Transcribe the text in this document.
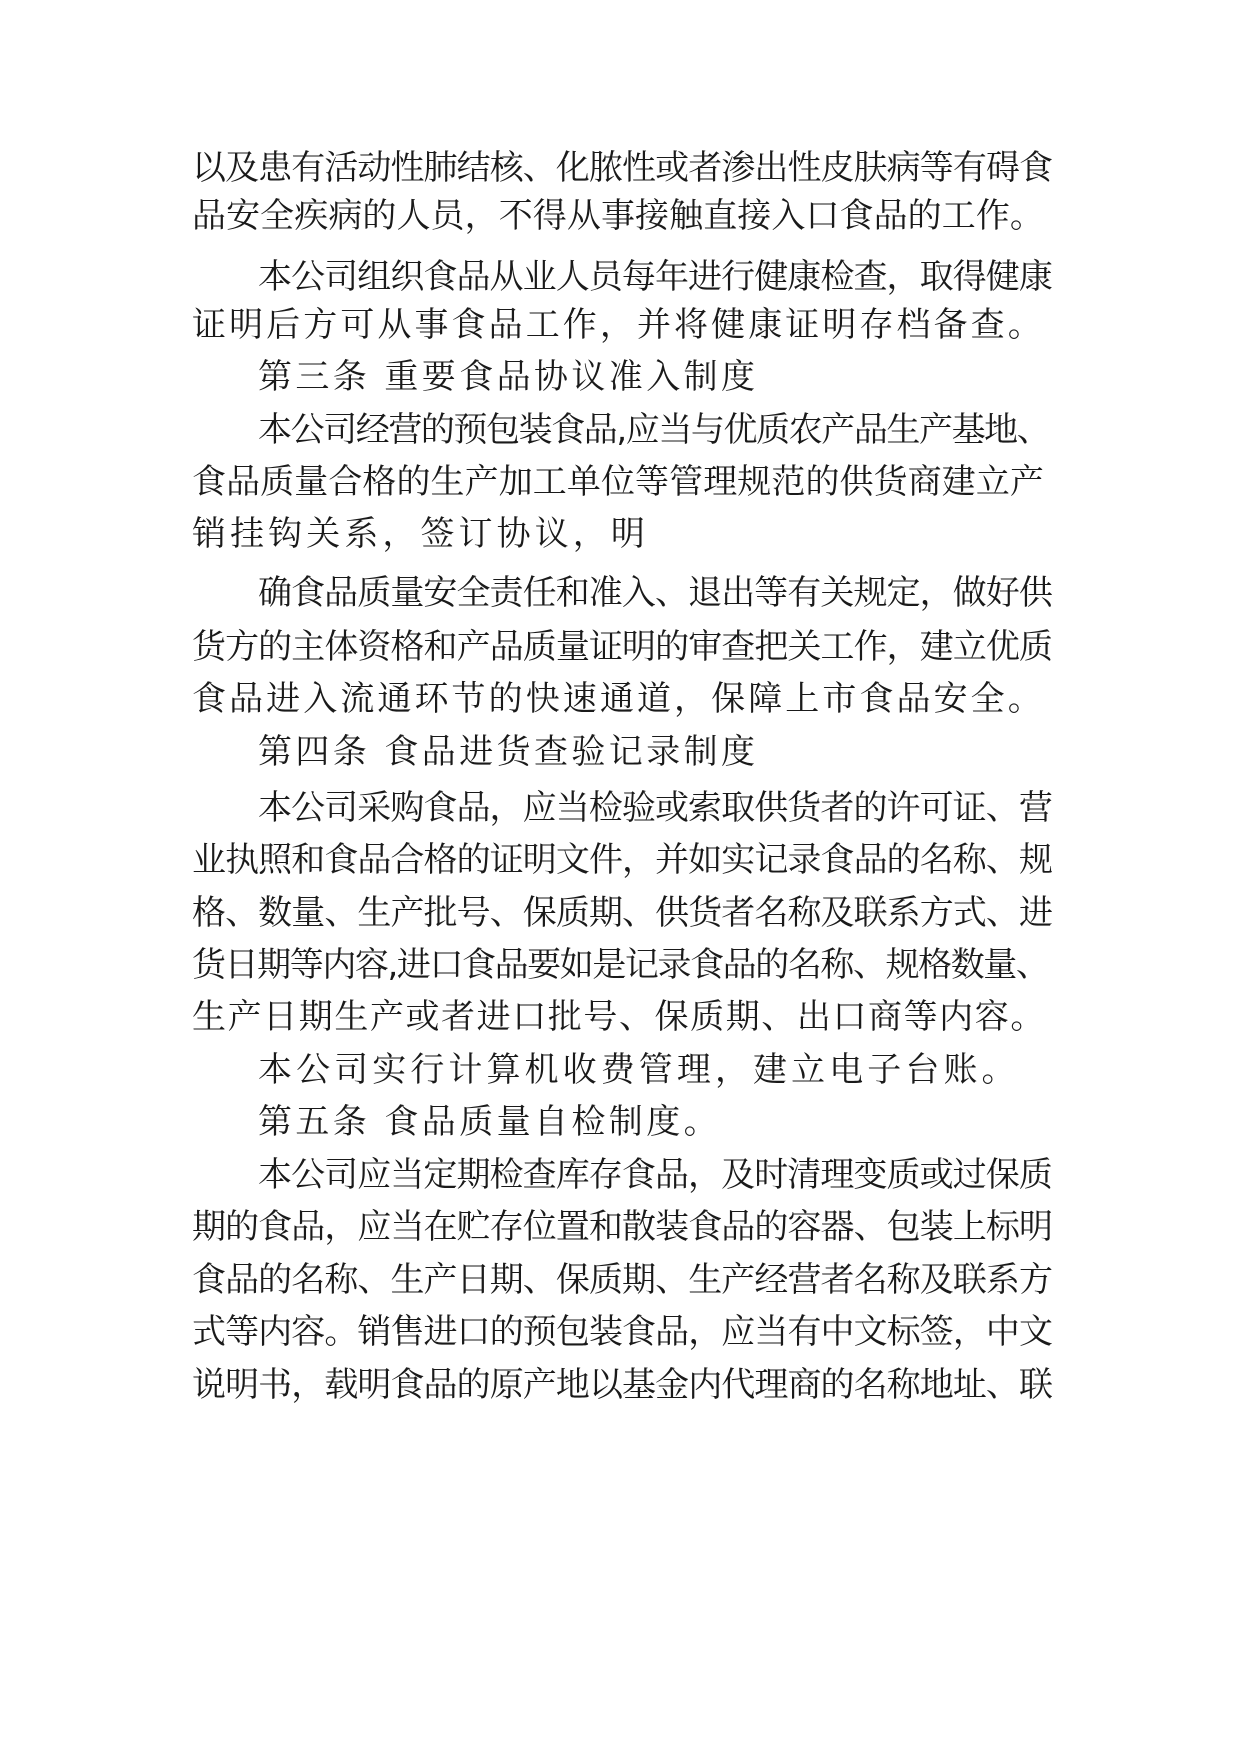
以及患有活动性肺结核、化脓性或者渗出性皮肤病等有碍食
品安全疾病的人员，不得从事接触直接入口食品的工作。
本公司组织食品从业人员每年进行健康检查，取得健康
证明后方可从事食品工作，并将健康证明存档备查。
第三条 重要食品协议准入制度
本公司经营的预包装食品,应当与优质农产品生产基地、
食品质量合格的生产加工单位等管理规范的供货商建立产
销挂钩关系，签订协议，明
确食品质量安全责任和准入、退出等有关规定，做好供
货方的主体资格和产品质量证明的审查把关工作，建立优质
食品进入流通环节的快速通道，保障上市食品安全。
第四条 食品进货查验记录制度
本公司采购食品，应当检验或索取供货者的许可证、营
业执照和食品合格的证明文件，并如实记录食品的名称、规
格、数量、生产批号、保质期、供货者名称及联系方式、进
货日期等内容,进口食品要如是记录食品的名称、规格数量、
生产日期生产或者进口批号、保质期、出口商等内容。
本公司实行计算机收费管理，建立电子台账。
第五条 食品质量自检制度。
本公司应当定期检查库存食品，及时清理变质或过保质
期的食品，应当在贮存位置和散装食品的容器、包装上标明
食品的名称、生产日期、保质期、生产经营者名称及联系方
式等内容。销售进口的预包装食品，应当有中文标签，中文
说明书，载明食品的原产地以基金内代理商的名称地址、联
